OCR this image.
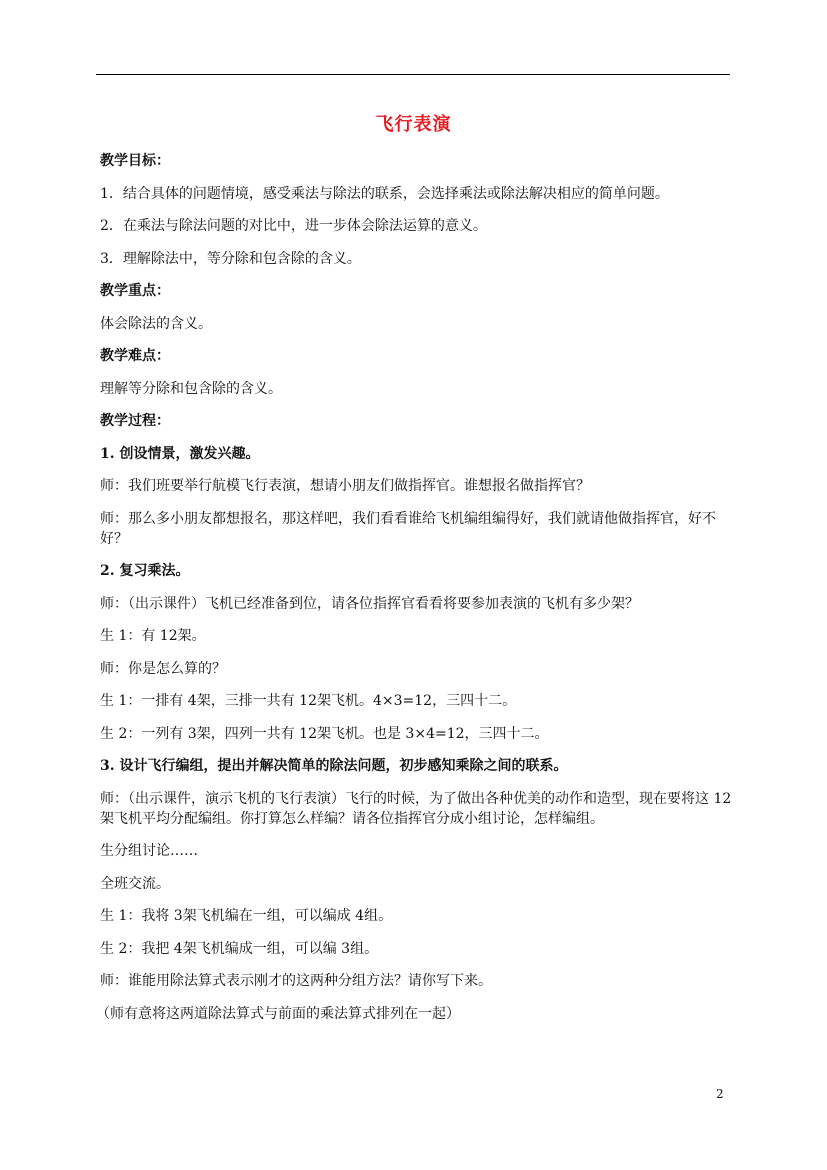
飞行表演

教学目标：

1．结合具体的问题情境，感受乘法与除法的联系，会选择乘法或除法解决相应的简单问题。

2．在乘法与除法问题的对比中，进一步体会除法运算的意义。

3．理解除法中，等分除和包含除的含义。

教学重点：

体会除法的含义。

教学难点：

理解等分除和包含除的含义。

教学过程：

1. 创设情景，激发兴趣。

师：我们班要举行航模飞行表演，想请小朋友们做指挥官。谁想报名做指挥官？

师：那么多小朋友都想报名，那这样吧，我们看看谁给飞机编组编得好，我们就请他做指挥官，好不好？

2. 复习乘法。

师：（出示课件）飞机已经准备到位，请各位指挥官看看将要参加表演的飞机有多少架？

生 1：有 12架。

师：你是怎么算的？

生 1：一排有 4架，三排一共有 12架飞机。4×3=12，三四十二。

生 2：一列有 3架，四列一共有 12架飞机。也是 3×4=12，三四十二。

3. 设计飞行编组，提出并解决简单的除法问题，初步感知乘除之间的联系。

师：（出示课件，演示飞机的飞行表演）飞行的时候，为了做出各种优美的动作和造型，现在要将这 12架飞机平均分配编组。你打算怎么样编？请各位指挥官分成小组讨论，怎样编组。

生分组讨论……

全班交流。

生 1：我将 3架飞机编在一组，可以编成 4组。

生 2：我把 4架飞机编成一组，可以编 3组。

师：谁能用除法算式表示刚才的这两种分组方法？请你写下来。

（师有意将这两道除法算式与前面的乘法算式排列在一起）

2
